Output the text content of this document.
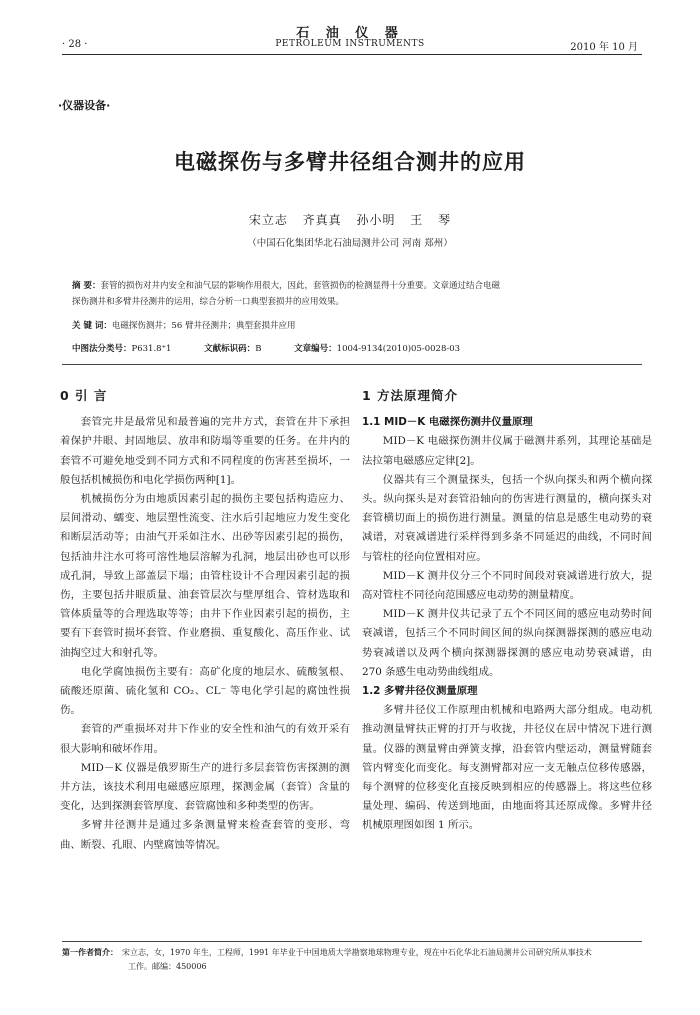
石 油 仪 器
· 28 ·	PETROLEUM INSTRUMENTS	2010 年 10 月
·仪器设备·
电磁探伤与多臂井径组合测井的应用
宋立志 齐真真 孙小明 王 琴
（中国石化集团华北石油局测井公司 河南 郑州）
摘 要：套管的损伤对井内安全和油气层的影响作用很大，因此，套管损伤的检测显得十分重要。文章通过结合电磁
探伤测井和多臂井径测井的运用，综合分析一口典型套损井的应用效果。
关 键 词：电磁探伤测井；56 臂井径测井；典型套损井应用
中图法分类号：P631.8⁺1	文献标识码：B	文章编号：1004-9134(2010)05-0028-03

0 引 言

套管完井是最常见和最普遍的完井方式，套管在井下承担着保护井眼、封固地层、放串和防塌等重要的任务。在井内的套管不可避免地受到不同方式和不同程度的伤害甚至损坏，一般包括机械损伤和电化学损伤两种[1]。

机械损伤分为由地质因素引起的损伤主要包括构造应力、层间滑动、蠕变、地层塑性流变、注水后引起地应力发生变化和断层活动等；由油气开采如注水、出砂等因素引起的损伤，包括油井注水可将可溶性地层溶解为孔洞，地层出砂也可以形成孔洞，导致上部盖层下塌；由管柱设计不合理因素引起的损伤，主要包括井眼质量、油套管层次与壁厚组合、管材选取和管体质量等的合理选取等等；由井下作业因素引起的损伤，主要有下套管时损坏套管、作业磨损、重复酸化、高压作业、试油掏空过大和射孔等。

电化学腐蚀损伤主要有：高矿化度的地层水、硫酸氢根、硫酸还原菌、硫化氢和 CO₂、CL⁻ 等电化学引起的腐蚀性损伤。

套管的严重损坏对井下作业的安全性和油气的有效开采有很大影响和破坏作用。

MID－K 仪器是俄罗斯生产的进行多层套管伤害探测的测井方法，该技术利用电磁感应原理，探测金属（套管）含量的变化，达到探测套管厚度、套管腐蚀和多种类型的伤害。

多臂井径测井是通过多条测量臂来检查套管的变形、弯曲、断裂、孔眼、内壁腐蚀等情况。

1 方法原理简介

1.1 MID－K 电磁探伤测井仪量原理

MID－K 电磁探伤测井仪属于磁测井系列，其理论基础是法拉第电磁感应定律[2]。

仪器共有三个测量探头，包括一个纵向探头和两个横向探头。纵向探头是对套管沿轴向的伤害进行测量的，横向探头对套管横切面上的损伤进行测量。测量的信息是感生电动势的衰减谱，对衰减谱进行采样得到多条不同延迟的曲线，不同时间与管柱的径向位置相对应。

MID－K 测井仪分三个不同时间段对衰减谱进行放大，提高对管柱不同径向范围感应电动势的测量精度。

MID－K 测井仪共记录了五个不同区间的感应电动势时间衰减谱，包括三个不同时间区间的纵向探测器探测的感应电动势衰减谱以及两个横向探测器探测的感应电动势衰减谱，由 270 条感生电动势曲线组成。

1.2 多臂井径仪测量原理

多臂井径仪工作原理由机械和电路两大部分组成。电动机推动测量臂扶正臂的打开与收拢，井径仪在居中情况下进行测量。仪器的测量臂由弹簧支撑，沿套管内壁运动，测量臂随套管内臂变化而变化。每支测臂都对应一支无触点位移传感器，每个测臂的位移变化直接反映到相应的传感器上。将这些位移量处理、编码、传送到地面，由地面将其还原成像。多臂井径机械原理图如图 1 所示。

第一作者简介： 宋立志，女，1970 年生，工程师，1991 年毕业于中国地质大学勘察地球物理专业，现在中石化华北石油局测井公司研究所从事技术
工作。邮编：450006
